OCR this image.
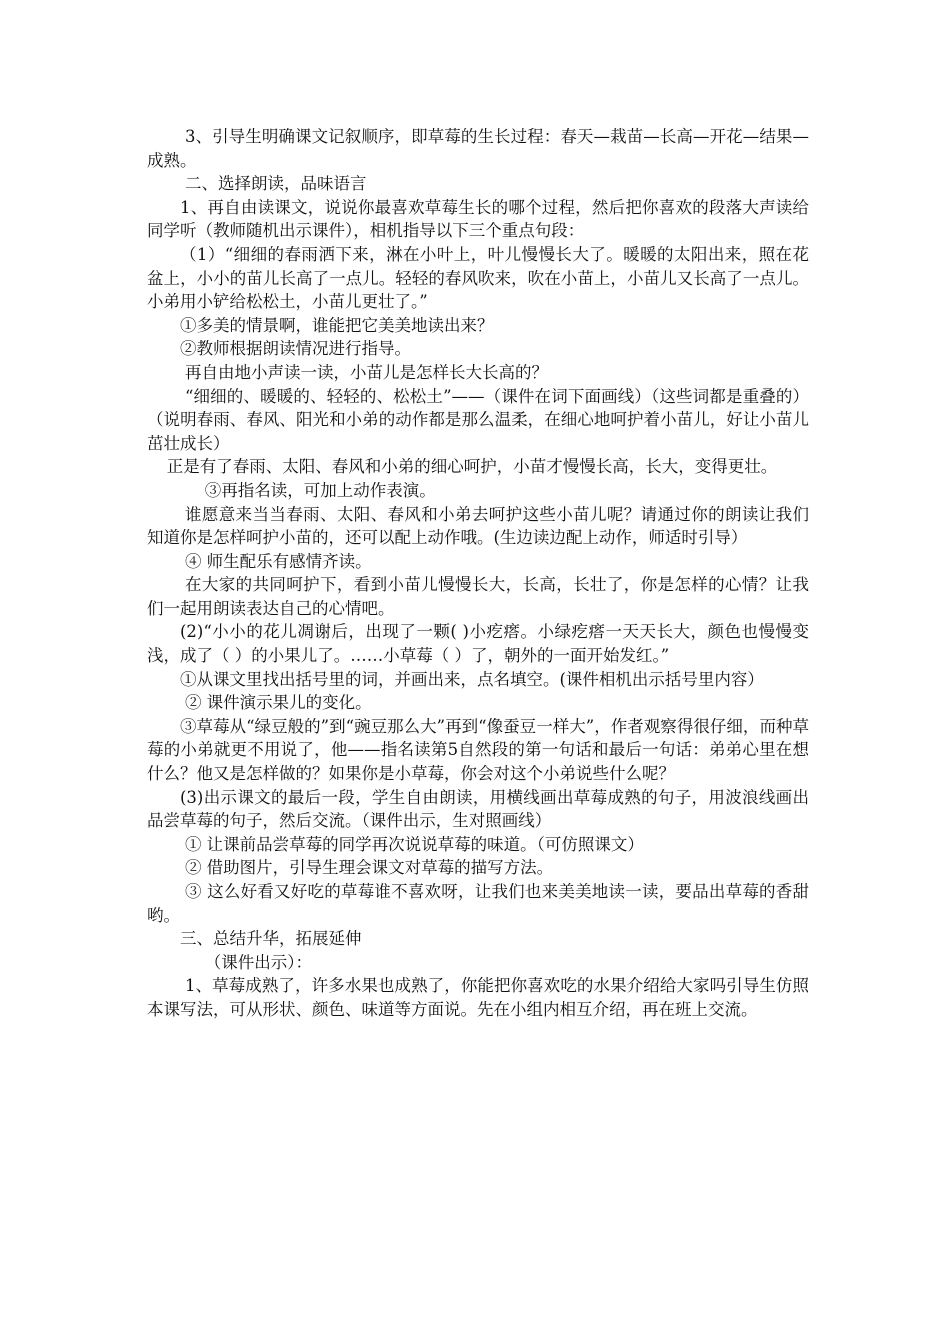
3、引导生明确课文记叙顺序，即草莓的生长过程：春天—栽苗—长高—开花—结果—成熟。

二、选择朗读，品味语言

1、再自由读课文，说说你最喜欢草莓生长的哪个过程，然后把你喜欢的段落大声读给同学听（教师随机出示课件），相机指导以下三个重点句段：

（1）“细细的春雨洒下来，淋在小叶上，叶儿慢慢长大了。暖暖的太阳出来，照在花盆上，小小的苗儿长高了一点儿。轻轻的春风吹来，吹在小苗上，小苗儿又长高了一点儿。小弟用小铲给松松土，小苗儿更壮了。”

①多美的情景啊，谁能把它美美地读出来？

②教师根据朗读情况进行指导。

再自由地小声读一读，小苗儿是怎样长大长高的？

“细细的、暖暖的、轻轻的、松松土”——（课件在词下面画线）（这些词都是重叠的）（说明春雨、春风、阳光和小弟的动作都是那么温柔，在细心地呵护着小苗儿，好让小苗儿茁壮成长）

正是有了春雨、太阳、春风和小弟的细心呵护，小苗才慢慢长高，长大，变得更壮。

③再指名读，可加上动作表演。

谁愿意来当当春雨、太阳、春风和小弟去呵护这些小苗儿呢？请通过你的朗读让我们知道你是怎样呵护小苗的，还可以配上动作哦。(生边读边配上动作，师适时引导）

④ 师生配乐有感情齐读。

在大家的共同呵护下，看到小苗儿慢慢长大，长高，长壮了，你是怎样的心情？让我们一起用朗读表达自己的心情吧。

(2)“小小的花儿凋谢后，出现了一颗( )小疙瘩。小绿疙瘩一天天长大，颜色也慢慢变浅，成了（ ）的小果儿了。……小草莓（ ）了，朝外的一面开始发红。”

①从课文里找出括号里的词，并画出来，点名填空。(课件相机出示括号里内容）

② 课件演示果儿的变化。

③草莓从“绿豆般的”到“豌豆那么大”再到“像蚕豆一样大”，作者观察得很仔细，而种草莓的小弟就更不用说了，他——指名读第5自然段的第一句话和最后一句话：弟弟心里在想什么？他又是怎样做的？如果你是小草莓，你会对这个小弟说些什么呢？

(3)出示课文的最后一段，学生自由朗读，用横线画出草莓成熟的句子，用波浪线画出品尝草莓的句子，然后交流。（课件出示，生对照画线）

① 让课前品尝草莓的同学再次说说草莓的味道。（可仿照课文）

② 借助图片，引导生理会课文对草莓的描写方法。

③ 这么好看又好吃的草莓谁不喜欢呀，让我们也来美美地读一读，要品出草莓的香甜哟。

三、总结升华，拓展延伸

（课件出示）：

1、草莓成熟了，许多水果也成熟了，你能把你喜欢吃的水果介绍给大家吗引导生仿照本课写法，可从形状、颜色、味道等方面说。先在小组内相互介绍，再在班上交流。
